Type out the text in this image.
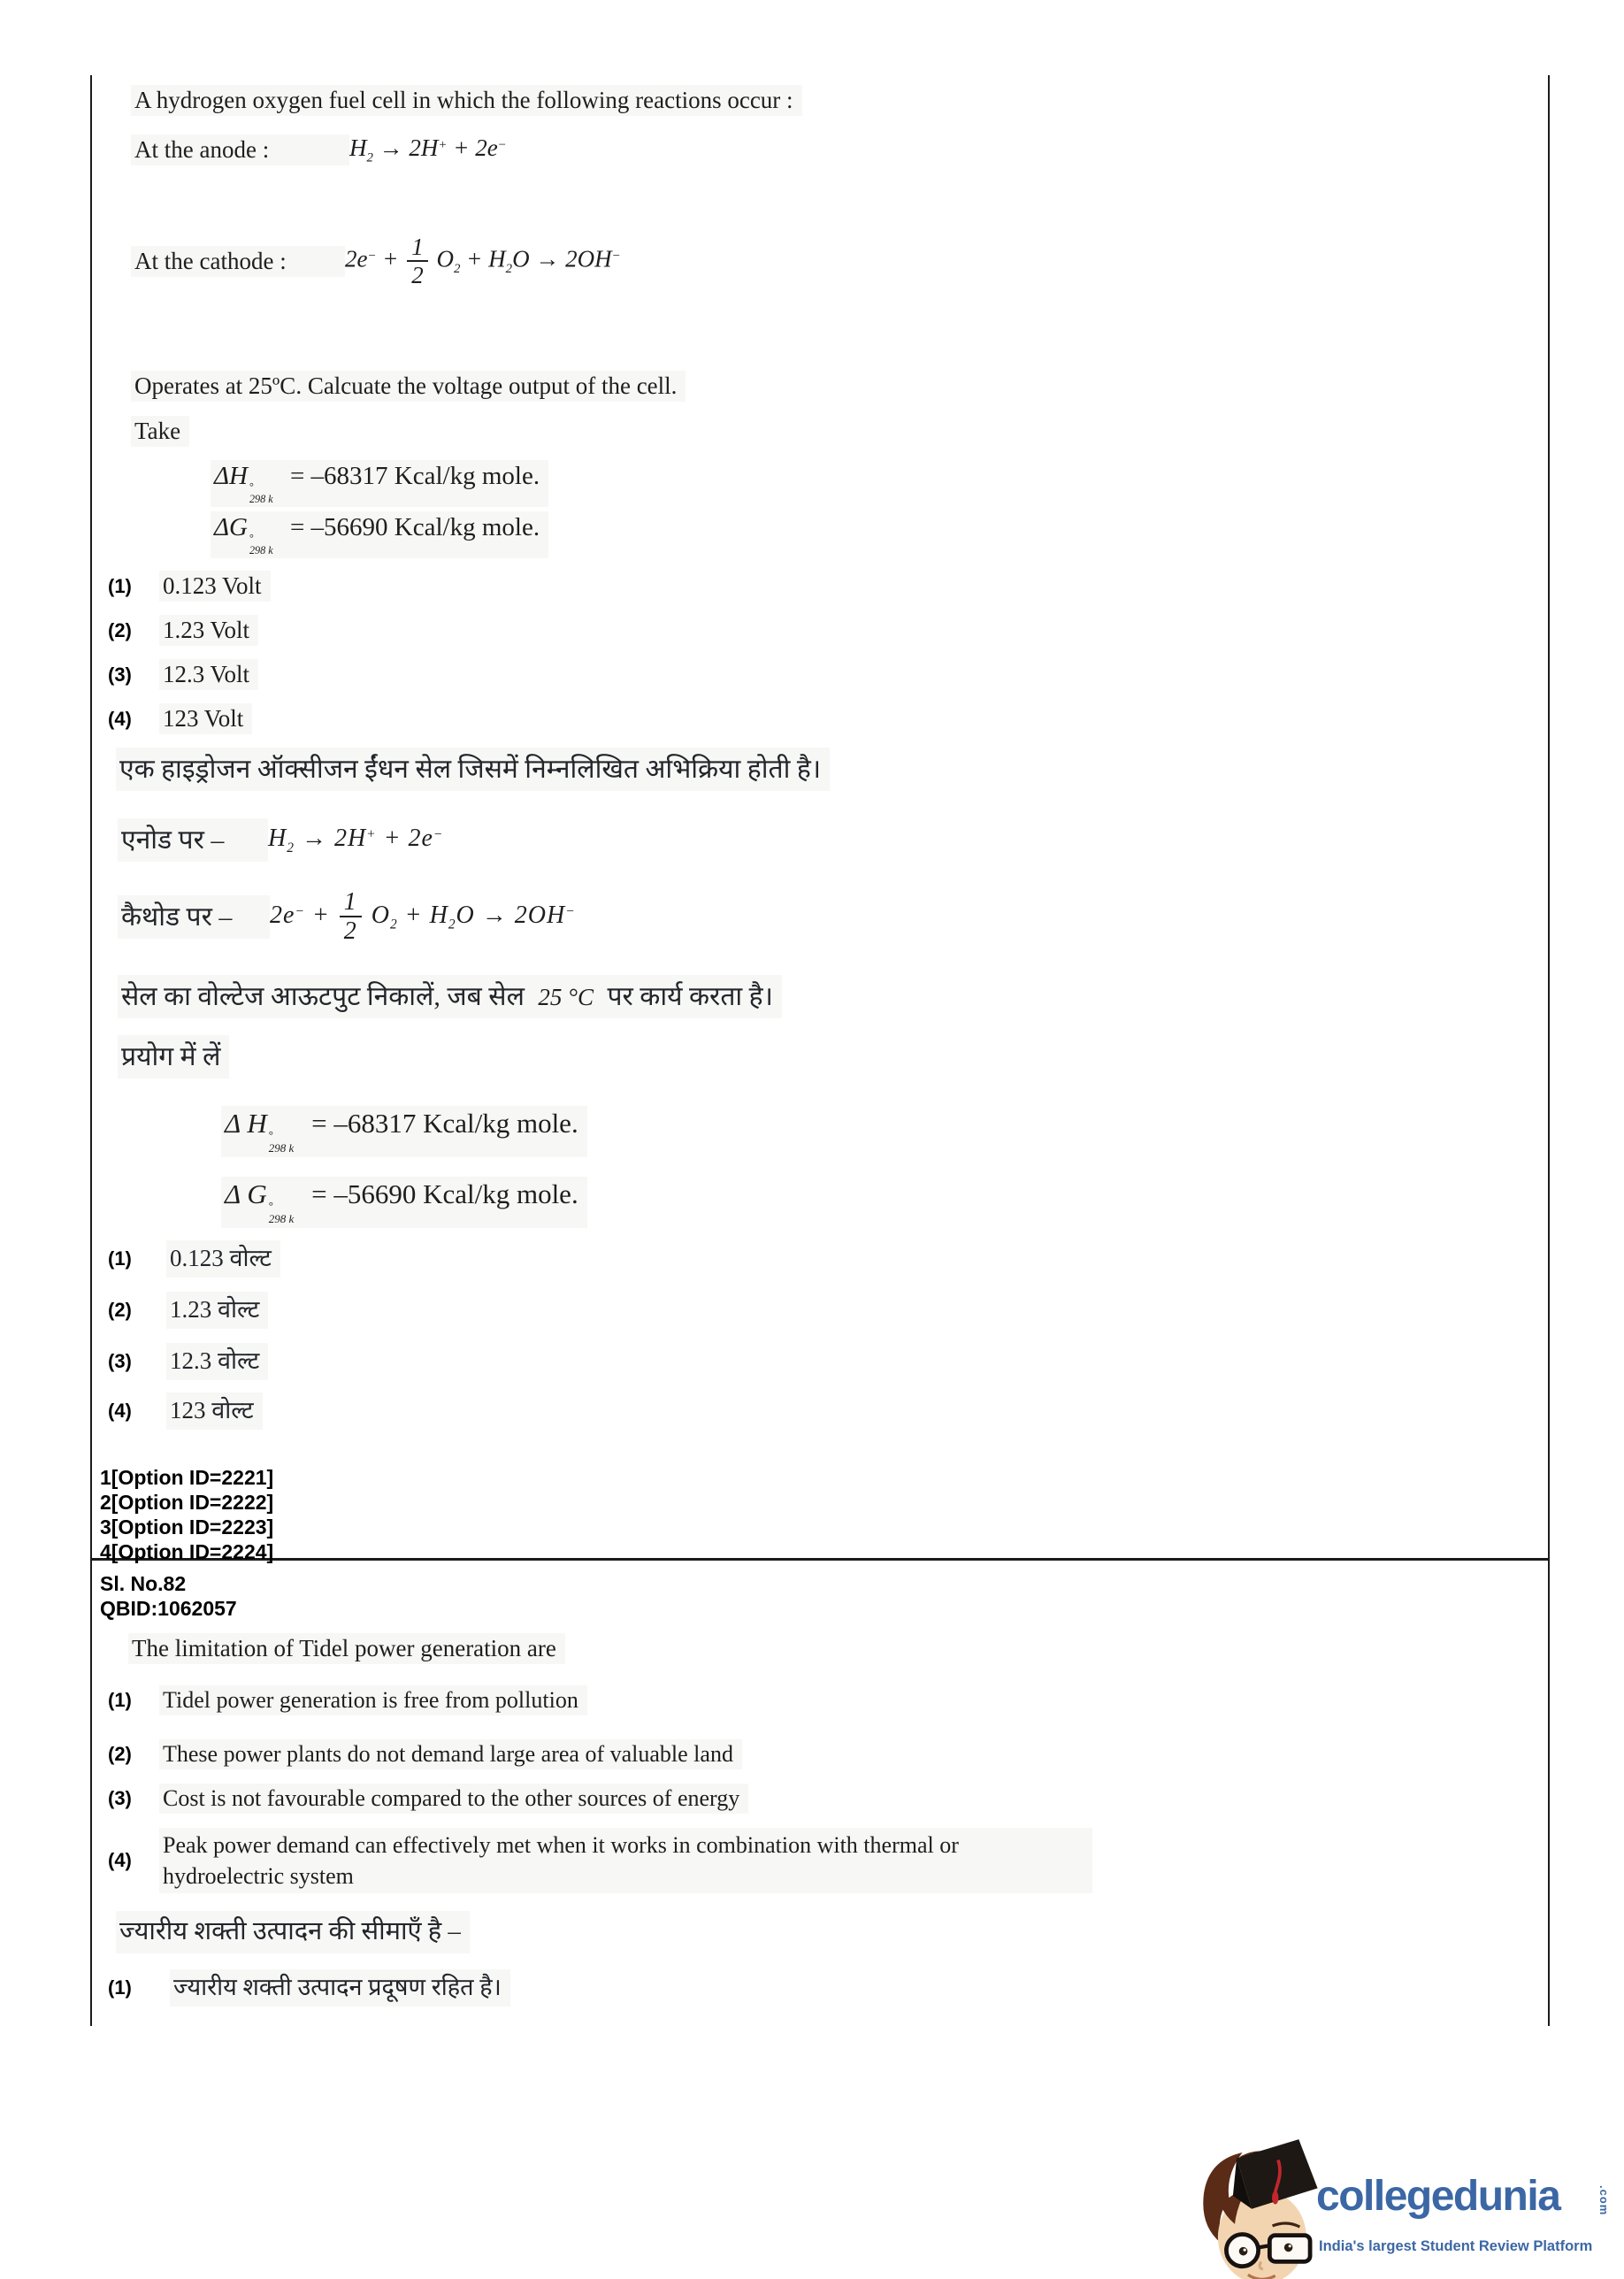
A hydrogen oxygen fuel cell in which the following reactions occur :
At the anode :	$H_2 \to 2H^+ + 2e^-$
At the cathode :	$2e^- + \frac{1}{2} O_2 + H_2O \to 2OH^-$
Operates at 25ºC. Calcuate the voltage output of the cell.
Take
ΔH °
298 k
= –68317 Kcal/kg mole.
ΔG °
298 k
= –56690 Kcal/kg mole.
(1)	0.123 Volt
(2)	1.23 Volt
(3)	12.3 Volt
(4)	123 Volt
एक हाइड्रोजन ऑक्सीजन ईंधन सेल जिसमें निम्नलिखित अभिक्रिया होती है।
एनोड पर –	$H_2 \to 2H^+ + 2e^-$
कैथोड पर –	$2e^- + \frac{1}{2} O_2 + H_2O \to 2OH^-$
सेल का वोल्टेज आऊटपुट निकालें, जब सेल 25 °C पर कार्य करता है।
प्रयोग में लें
Δ H °
298 k
= –68317 Kcal/kg mole.
Δ G °
298 k
= –56690 Kcal/kg mole.
(1)	0.123 वोल्ट
(2)	1.23 वोल्ट
(3)	12.3 वोल्ट
(4)	123 वोल्ट
1[Option ID=2221]
2[Option ID=2222]
3[Option ID=2223]
4[Option ID=2224]
Sl. No.82
QBID:1062057
The limitation of Tidel power generation are
(1)	Tidel power generation is free from pollution
(2)	These power plants do not demand large area of valuable land
(3)	Cost is not favourable compared to the other sources of energy
(4)
Peak power demand can effectively met when it works in combination with thermal or hydroelectric system
ज्यारीय शक्ती उत्पादन की सीमाएँ है –
(1)	ज्यारीय शक्ती उत्पादन प्रदूषण रहित है।
collegedunia	.com
India's largest Student Review Platform
